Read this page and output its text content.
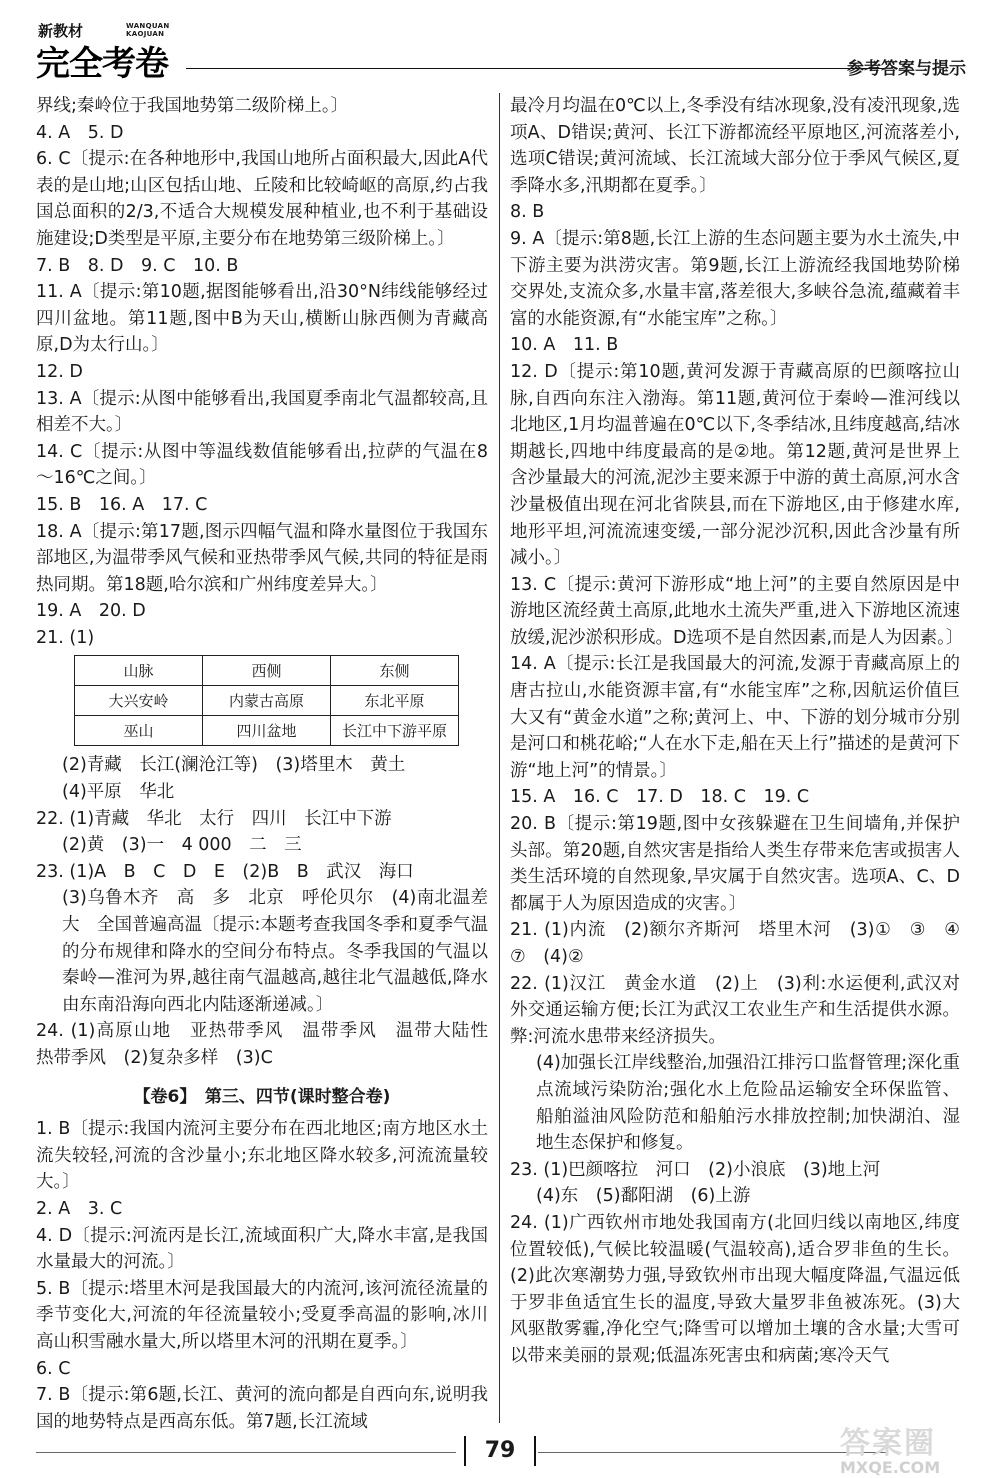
新教材	WANQUAN
KAOJUAN
完全考卷	参考答案与提示
界线;秦岭位于我国地势第二级阶梯上。〕
4. A　5. D
6. C〔提示:在各种地形中,我国山地所占面积最大,因此A代表的是山地;山区包括山地、丘陵和比较崎岖的高原,约占我国总面积的2/3,不适合大规模发展种植业,也不利于基础设施建设;D类型是平原,主要分布在地势第三级阶梯上。〕
7. B　8. D　9. C　10. B
11. A〔提示:第10题,据图能够看出,沿30°N纬线能够经过四川盆地。第11题,图中B为天山,横断山脉西侧为青藏高原,D为太行山。〕
12. D
13. A〔提示:从图中能够看出,我国夏季南北气温都较高,且相差不大。〕
14. C〔提示:从图中等温线数值能够看出,拉萨的气温在8～16℃之间。〕
15. B　16. A　17. C
18. A〔提示:第17题,图示四幅气温和降水量图位于我国东部地区,为温带季风气候和亚热带季风气候,共同的特征是雨热同期。第18题,哈尔滨和广州纬度差异大。〕
19. A　20. D
21. (1)
山脉	西侧	东侧
大兴安岭	内蒙古高原	东北平原
巫山	四川盆地	长江中下游平原
(2)青藏　长江(澜沧江等)　(3)塔里木　黄土
(4)平原　华北
22. (1)青藏　华北　太行　四川　长江中下游
(2)黄　(3)一　4 000　二　三
23. (1)A　B　C　D　E　(2)B　B　武汉　海口
(3)乌鲁木齐　高　多　北京　呼伦贝尔　(4)南北温差大　全国普遍高温〔提示:本题考查我国冬季和夏季气温的分布规律和降水的空间分布特点。冬季我国的气温以秦岭—淮河为界,越往南气温越高,越往北气温越低,降水由东南沿海向西北内陆逐渐递减。〕
24. (1)高原山地　亚热带季风　温带季风　温带大陆性　热带季风　(2)复杂多样　(3)C
【卷6】　第三、四节(课时整合卷)
1. B〔提示:我国内流河主要分布在西北地区;南方地区水土流失较轻,河流的含沙量小;东北地区降水较多,河流流量较大。〕
2. A　3. C
4. D〔提示:河流丙是长江,流域面积广大,降水丰富,是我国水量最大的河流。〕
5. B〔提示:塔里木河是我国最大的内流河,该河流径流量的季节变化大,河流的年径流量较小;受夏季高温的影响,冰川高山积雪融水量大,所以塔里木河的汛期在夏季。〕
6. C
7. B〔提示:第6题,长江、黄河的流向都是自西向东,说明我国的地势特点是西高东低。第7题,长江流域
最冷月均温在0℃以上,冬季没有结冰现象,没有凌汛现象,选项A、D错误;黄河、长江下游都流经平原地区,河流落差小,选项C错误;黄河流域、长江流域大部分位于季风气候区,夏季降水多,汛期都在夏季。〕
8. B
9. A〔提示:第8题,长江上游的生态问题主要为水土流失,中下游主要为洪涝灾害。第9题,长江上游流经我国地势阶梯交界处,支流众多,水量丰富,落差很大,多峡谷急流,蕴藏着丰富的水能资源,有“水能宝库”之称。〕
10. A　11. B
12. D〔提示:第10题,黄河发源于青藏高原的巴颜喀拉山脉,自西向东注入渤海。第11题,黄河位于秦岭—淮河线以北地区,1月均温普遍在0℃以下,冬季结冰,且纬度越高,结冰期越长,四地中纬度最高的是②地。第12题,黄河是世界上含沙量最大的河流,泥沙主要来源于中游的黄土高原,河水含沙量极值出现在河北省陕县,而在下游地区,由于修建水库,地形平坦,河流流速变缓,一部分泥沙沉积,因此含沙量有所减小。〕
13. C〔提示:黄河下游形成“地上河”的主要自然原因是中游地区流经黄土高原,此地水土流失严重,进入下游地区流速放缓,泥沙淤积形成。D选项不是自然因素,而是人为因素。〕
14. A〔提示:长江是我国最大的河流,发源于青藏高原上的唐古拉山,水能资源丰富,有“水能宝库”之称,因航运价值巨大又有“黄金水道”之称;黄河上、中、下游的划分城市分别是河口和桃花峪;“人在水下走,船在天上行”描述的是黄河下游“地上河”的情景。〕
15. A　16. C　17. D　18. C　19. C
20. B〔提示:第19题,图中女孩躲避在卫生间墙角,并保护头部。第20题,自然灾害是指给人类生存带来危害或损害人类生活环境的自然现象,旱灾属于自然灾害。选项A、C、D都属于人为原因造成的灾害。〕
21. (1)内流　(2)额尔齐斯河　塔里木河　(3)①　③　④　⑦　(4)②
22. (1)汉江　黄金水道　(2)上　(3)利:水运便利,武汉对外交通运输方便;长江为武汉工农业生产和生活提供水源。弊:河流水患带来经济损失。
(4)加强长江岸线整治,加强沿江排污口监督管理;深化重点流域污染防治;强化水上危险品运输安全环保监管、船舶溢油风险防范和船舶污水排放控制;加快湖泊、湿地生态保护和修复。
23. (1)巴颜喀拉　河口　(2)小浪底　(3)地上河
(4)东　(5)鄱阳湖　(6)上游
24. (1)广西钦州市地处我国南方(北回归线以南地区,纬度位置较低),气候比较温暖(气温较高),适合罗非鱼的生长。(2)此次寒潮势力强,导致钦州市出现大幅度降温,气温远低于罗非鱼适宜生长的温度,导致大量罗非鱼被冻死。(3)大风驱散雾霾,净化空气;降雪可以增加土壤的含水量;大雪可以带来美丽的景观;低温冻死害虫和病菌;寒冷天气
79	答案圈
MXQE.COM
